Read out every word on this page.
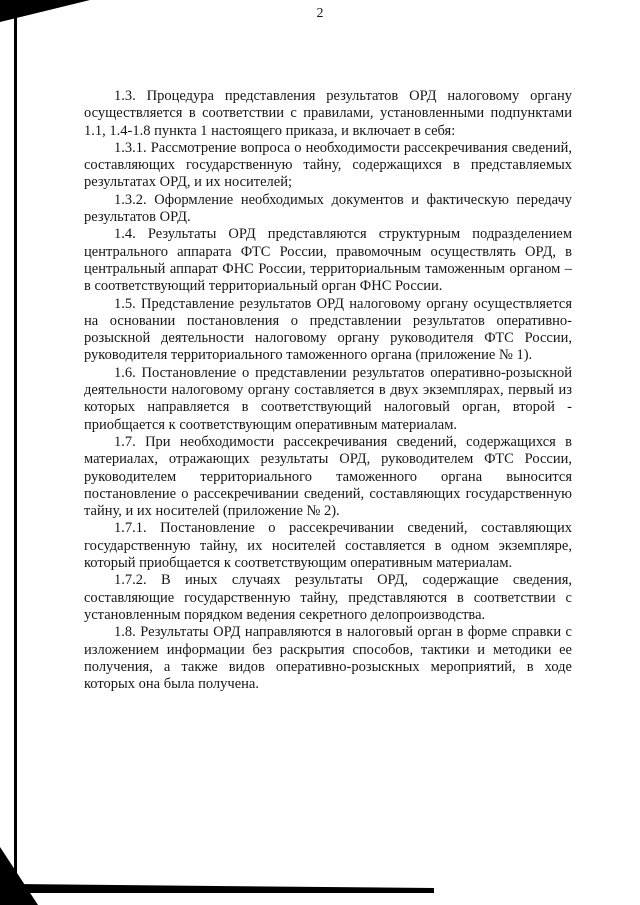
2

1.3. Процедура представления результатов ОРД налоговому органу осуществляется в соответствии с правилами, установленными подпунктами 1.1, 1.4-1.8 пункта 1 настоящего приказа, и включает в себя:

1.3.1. Рассмотрение вопроса о необходимости рассекречивания сведений, составляющих государственную тайну, содержащихся в представляемых результатах ОРД, и их носителей;

1.3.2. Оформление необходимых документов и фактическую передачу результатов ОРД.

1.4. Результаты ОРД представляются структурным подразделением центрального аппарата ФТС России, правомочным осуществлять ОРД, в центральный аппарат ФНС России, территориальным таможенным органом – в соответствующий территориальный орган ФНС России.

1.5. Представление результатов ОРД налоговому органу осуществляется на основании постановления о представлении результатов оперативно-розыскной деятельности налоговому органу руководителя ФТС России, руководителя территориального таможенного органа (приложение № 1).

1.6. Постановление о представлении результатов оперативно-розыскной деятельности налоговому органу составляется в двух экземплярах, первый из которых направляется в соответствующий налоговый орган, второй - приобщается к соответствующим оперативным материалам.

1.7. При необходимости рассекречивания сведений, содержащихся в материалах, отражающих результаты ОРД, руководителем ФТС России, руководителем территориального таможенного органа выносится постановление о рассекречивании сведений, составляющих государственную тайну, и их носителей (приложение № 2).

1.7.1. Постановление о рассекречивании сведений, составляющих государственную тайну, их носителей составляется в одном экземпляре, который приобщается к соответствующим оперативным материалам.

1.7.2. В иных случаях результаты ОРД, содержащие сведения, составляющие государственную тайну, представляются в соответствии с установленным порядком ведения секретного делопроизводства.

1.8. Результаты ОРД направляются в налоговый орган в форме справки с изложением информации без раскрытия способов, тактики и методики ее получения, а также видов оперативно-розыскных мероприятий, в ходе которых она была получена.
